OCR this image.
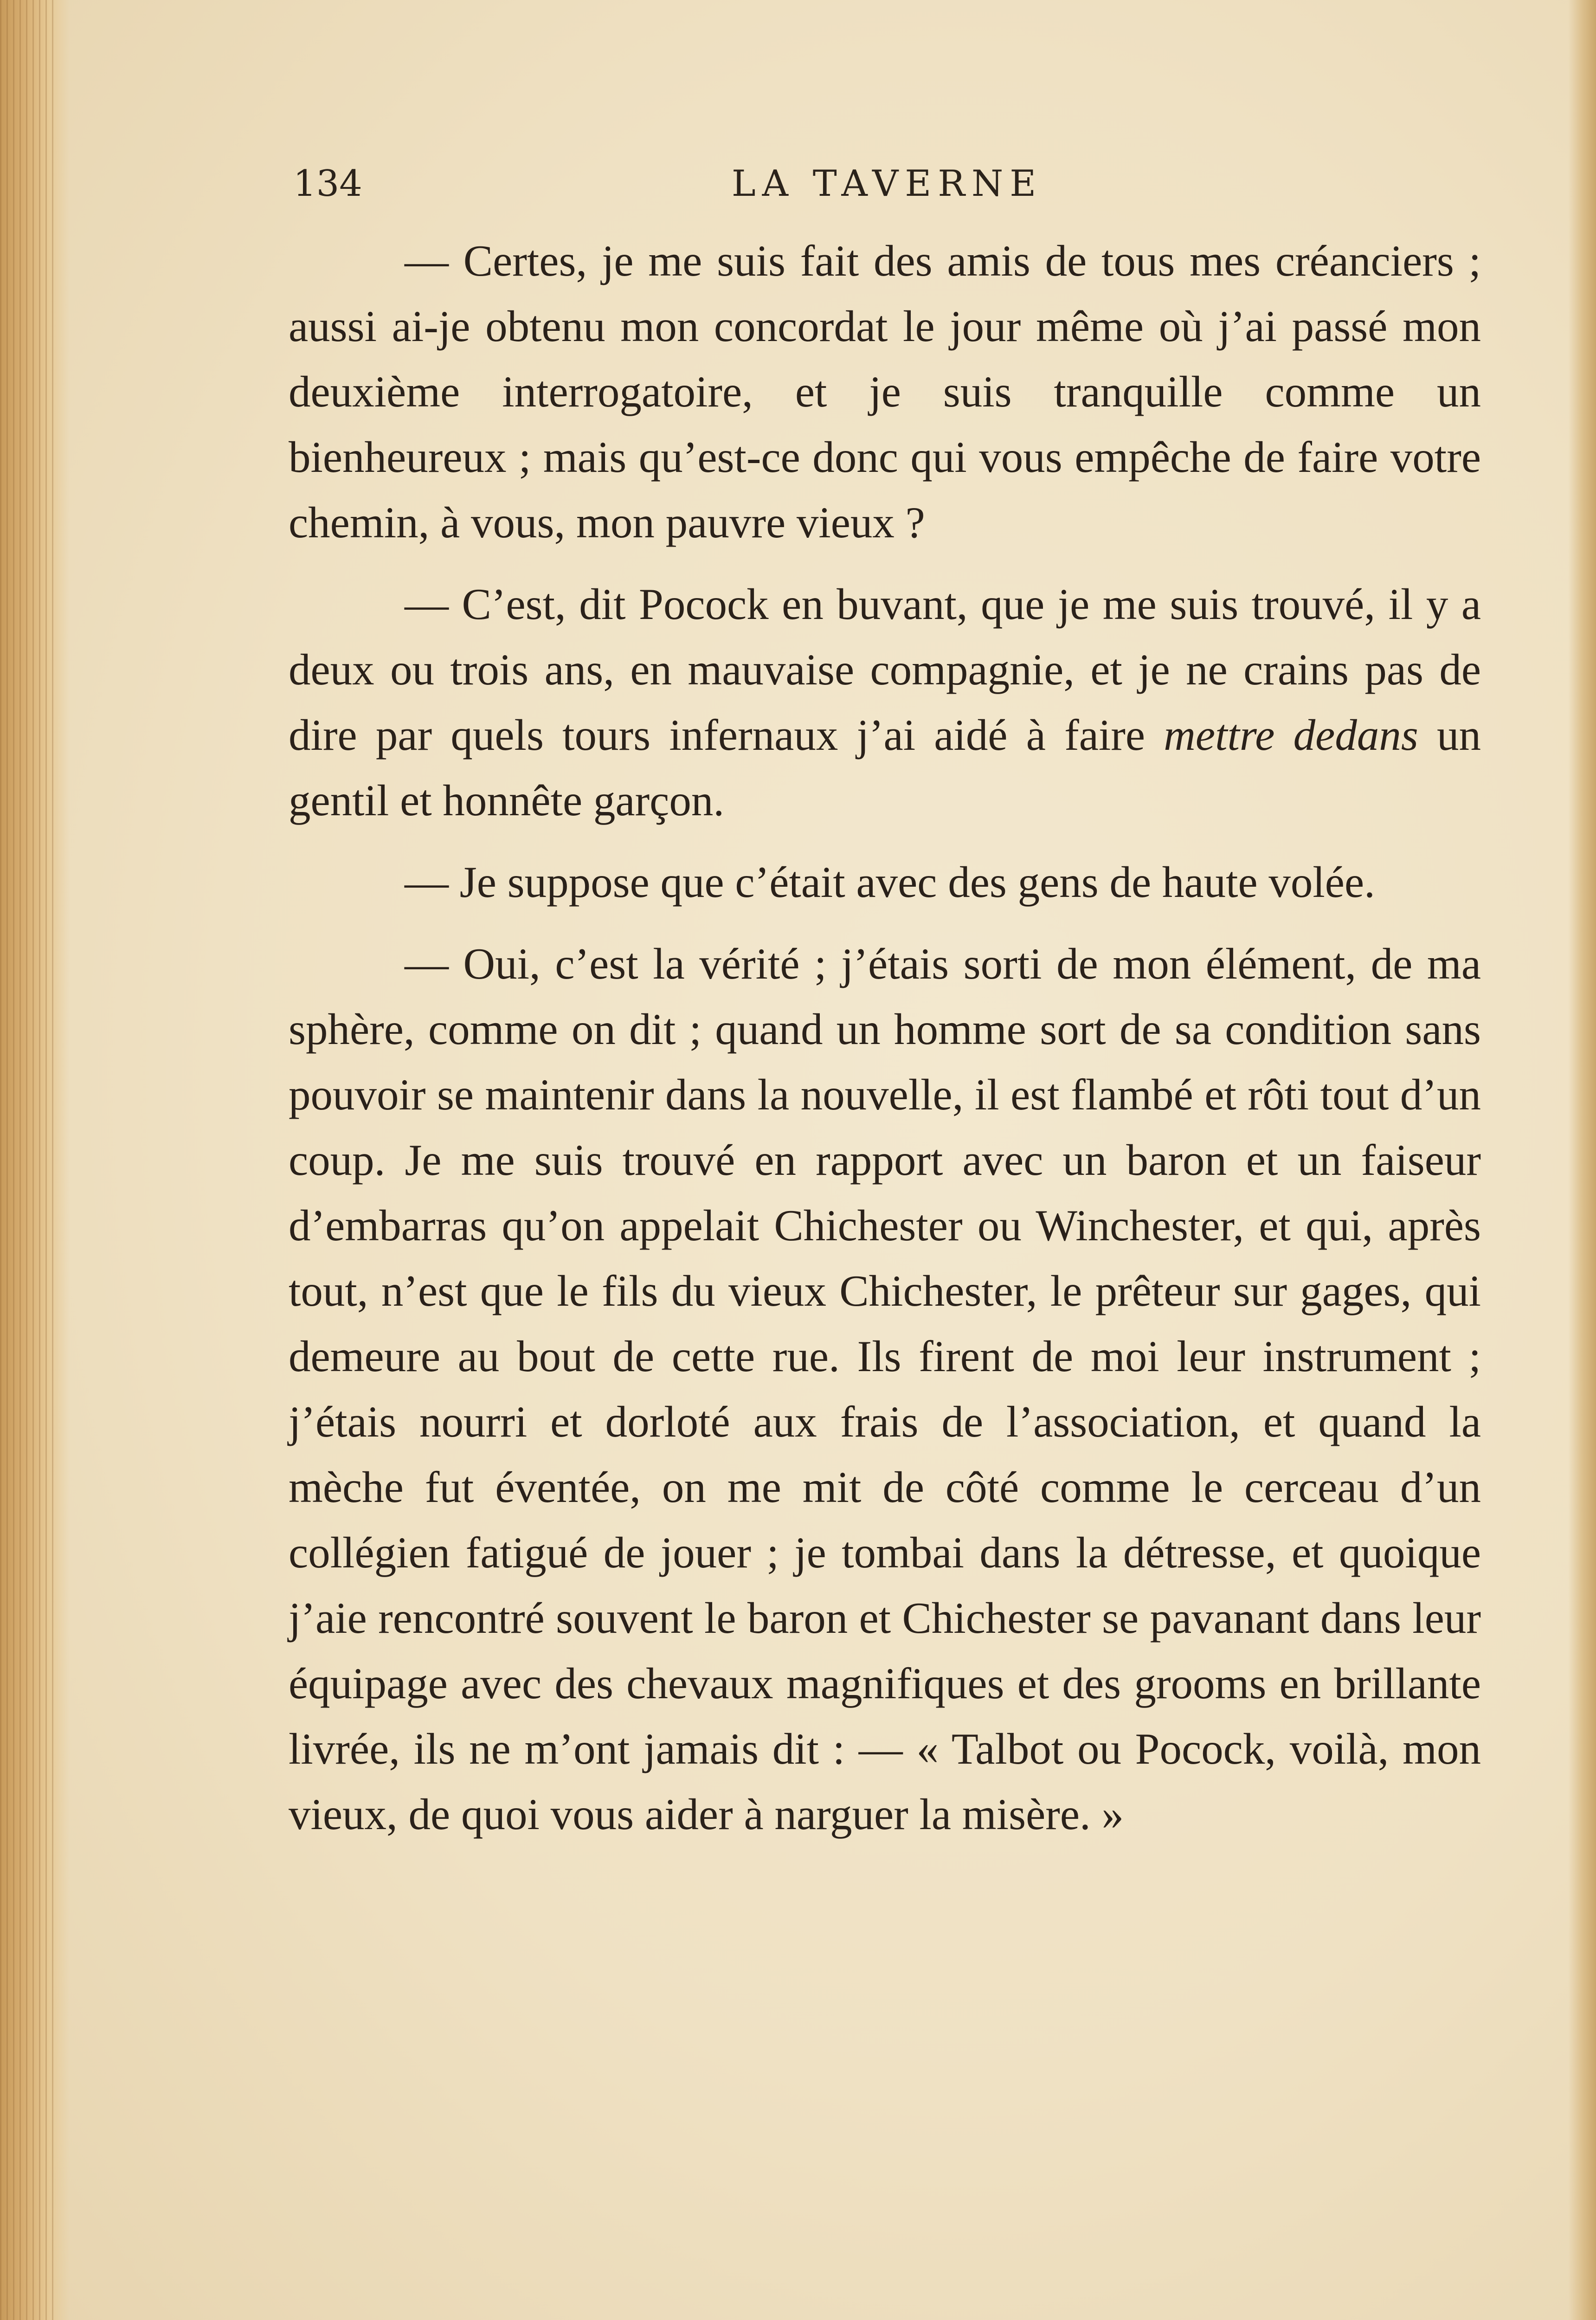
134	LA TAVERNE

— Certes, je me suis fait des amis de tous mes créanciers ; aussi ai-je obtenu mon concordat le jour même où j’ai passé mon deuxième interrogatoire, et je suis tranquille comme un bienheureux ; mais qu’est-ce donc qui vous empêche de faire votre chemin, à vous, mon pauvre vieux ?

— C’est, dit Pocock en buvant, que je me suis trouvé, il y a deux ou trois ans, en mauvaise compagnie, et je ne crains pas de dire par quels tours infernaux j’ai aidé à faire mettre dedans un gentil et honnête garçon.

— Je suppose que c’était avec des gens de haute volée.

— Oui, c’est la vérité ; j’étais sorti de mon élément, de ma sphère, comme on dit ; quand un homme sort de sa condition sans pouvoir se maintenir dans la nouvelle, il est flambé et rôti tout d’un coup. Je me suis trouvé en rapport avec un baron et un faiseur d’embarras qu’on appelait Chichester ou Winchester, et qui, après tout, n’est que le fils du vieux Chichester, le prêteur sur gages, qui demeure au bout de cette rue. Ils firent de moi leur instrument ; j’étais nourri et dorloté aux frais de l’association, et quand la mèche fut éventée, on me mit de côté comme le cerceau d’un collégien fatigué de jouer ; je tombai dans la détresse, et quoique j’aie rencontré souvent le baron et Chichester se pavanant dans leur équipage avec des chevaux magnifiques et des grooms en brillante livrée, ils ne m’ont jamais dit : — « Talbot ou Pocock, voilà, mon vieux, de quoi vous aider à narguer la misère. »
